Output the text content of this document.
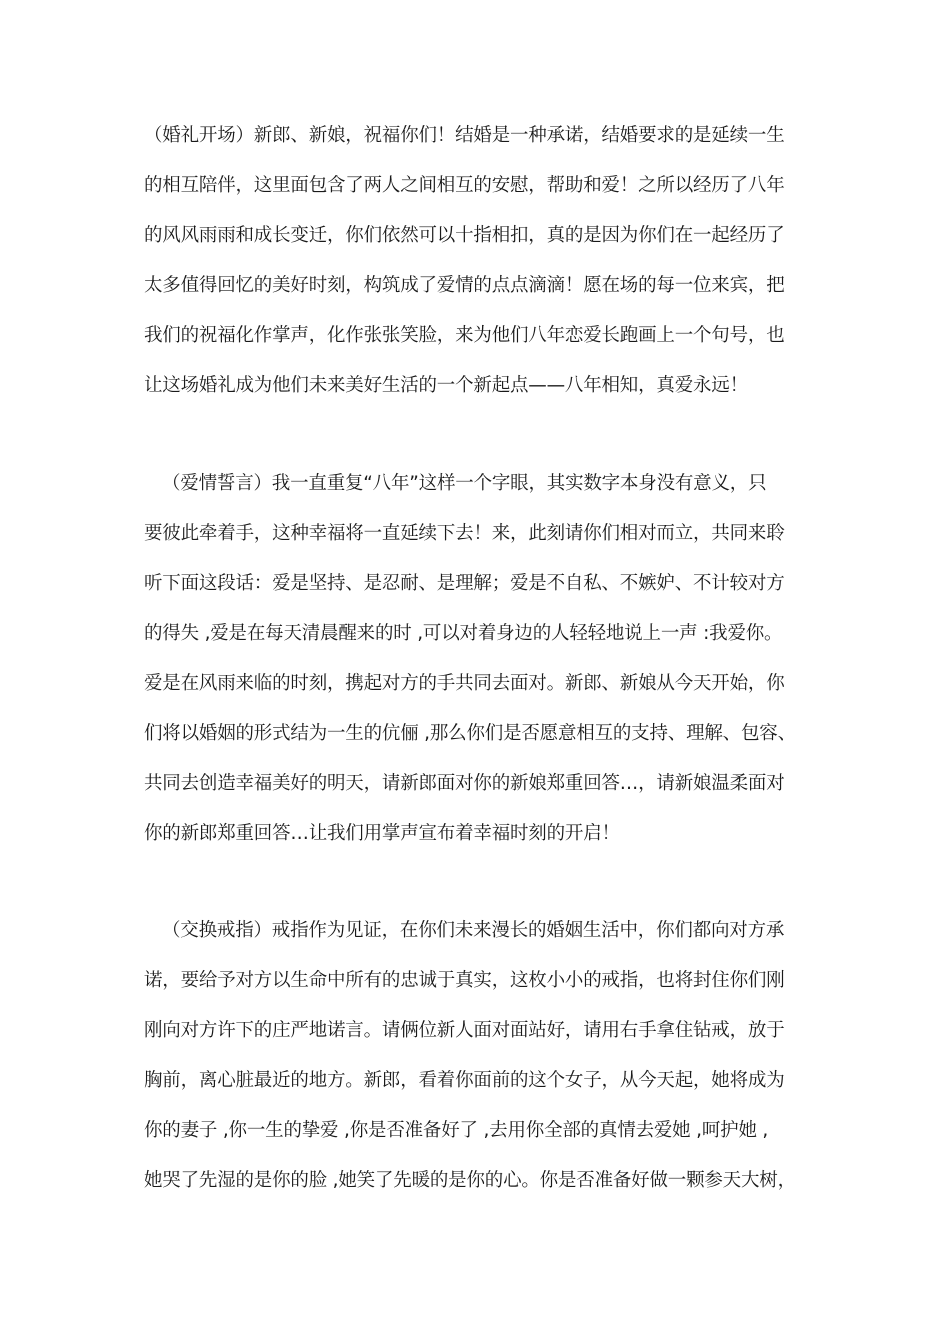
（婚礼开场）新郎、新娘，祝福你们！结婚是一种承诺，结婚要求的是延续一生
的相互陪伴，这里面包含了两人之间相互的安慰，帮助和爱！之所以经历了八年
的风风雨雨和成长变迁，你们依然可以十指相扣，真的是因为你们在一起经历了
太多值得回忆的美好时刻，构筑成了爱情的点点滴滴！愿在场的每一位来宾，把
我们的祝福化作掌声，化作张张笑脸，来为他们八年恋爱长跑画上一个句号，也
让这场婚礼成为他们未来美好生活的一个新起点——八年相知，真爱永远！
（爱情誓言）我一直重复“八年”这样一个字眼，其实数字本身没有意义，只
要彼此牵着手，这种幸福将一直延续下去！来，此刻请你们相对而立，共同来聆
听下面这段话：爱是坚持、是忍耐、是理解；爱是不自私、不嫉妒、不计较对方
的得失 ,爱是在每天清晨醒来的时 ,可以对着身边的人轻轻地说上一声 :我爱你。
爱是在风雨来临的时刻，携起对方的手共同去面对。新郎、新娘从今天开始，你
们将以婚姻的形式结为一生的伉俪 ,那么你们是否愿意相互的支持、理解、包容、
共同去创造幸福美好的明天，请新郎面对你的新娘郑重回答…，请新娘温柔面对
你的新郎郑重回答…让我们用掌声宣布着幸福时刻的开启！
（交换戒指）戒指作为见证，在你们未来漫长的婚姻生活中，你们都向对方承
诺，要给予对方以生命中所有的忠诚于真实，这枚小小的戒指，也将封住你们刚
刚向对方许下的庄严地诺言。请俩位新人面对面站好，请用右手拿住钻戒，放于
胸前，离心脏最近的地方。新郎，看着你面前的这个女子，从今天起，她将成为
你的妻子 ,你一生的挚爱 ,你是否准备好了 ,去用你全部的真情去爱她 ,呵护她 ,
她哭了先湿的是你的脸 ,她笑了先暖的是你的心。你是否准备好做一颗参天大树，
